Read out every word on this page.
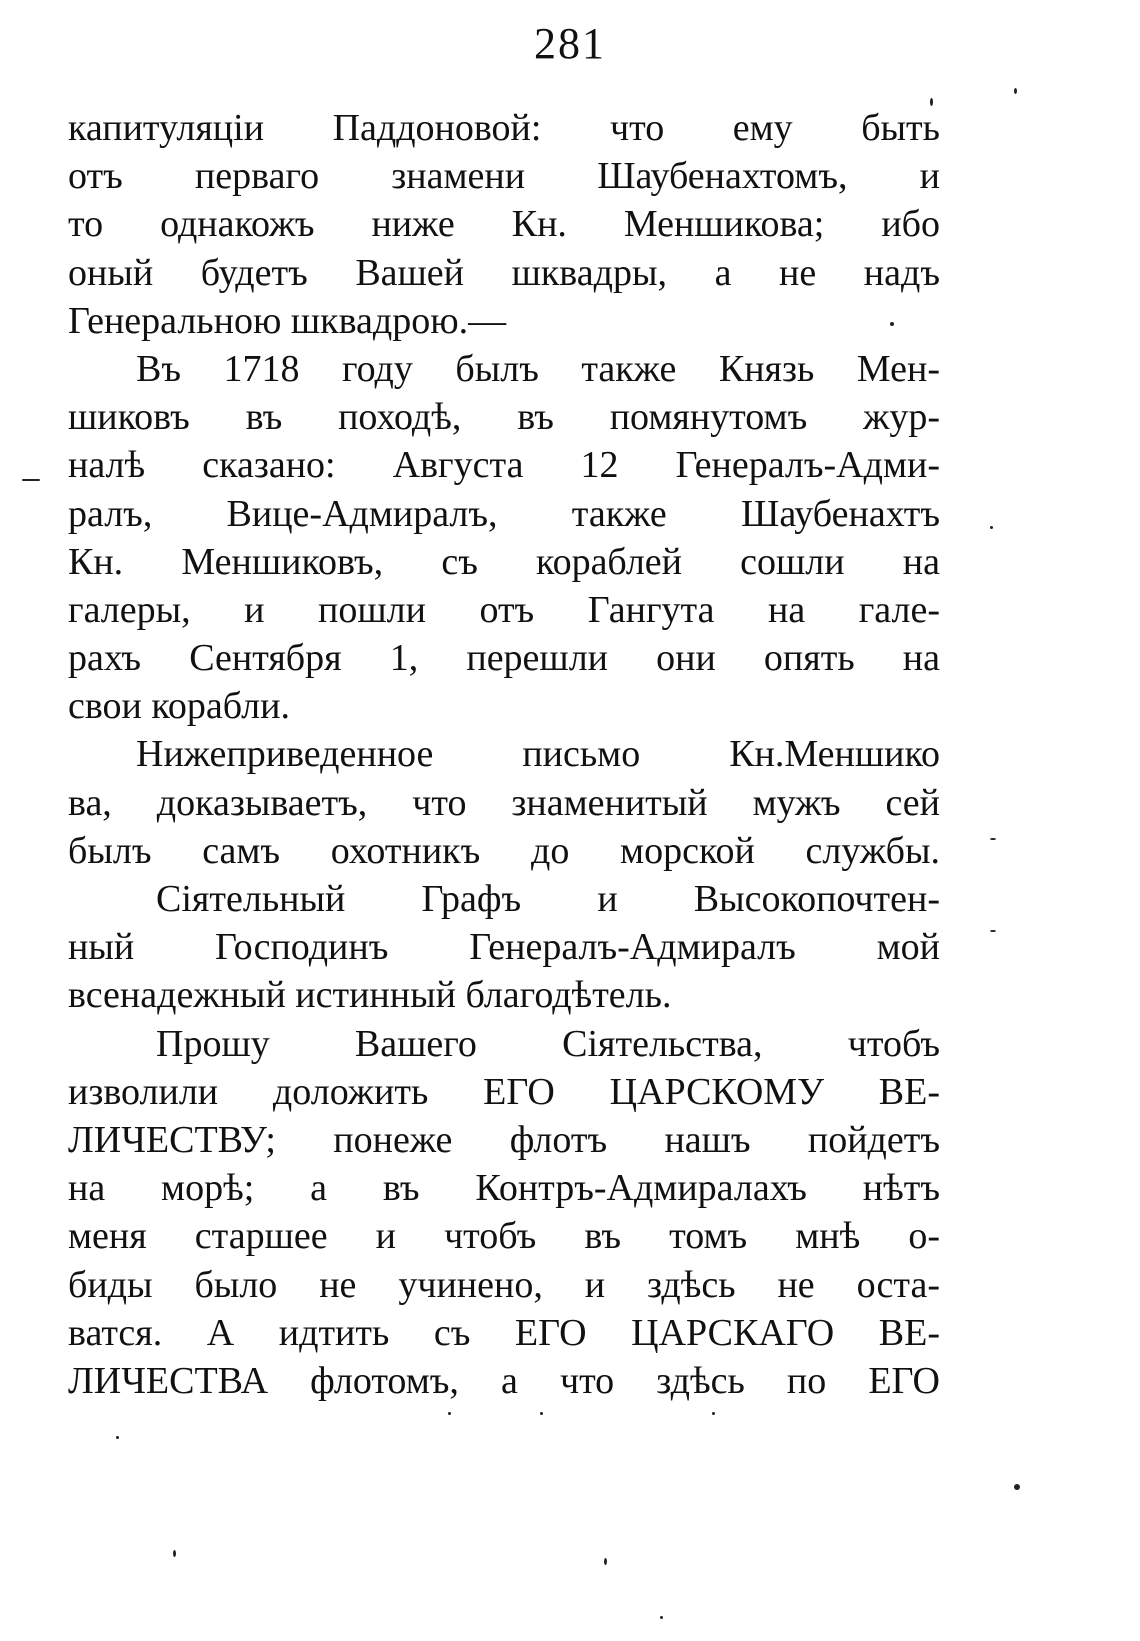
281
капитуляціи Паддоновой: что ему быть
отъ перваго знамени Шаубенахтомъ, и
то однакожъ ниже Кн. Меншикова; ибо
оный будетъ Вашей шквадры, а не надъ
Генеральною шквадрою.—
Въ 1718 году былъ также Князь Мен-
шиковъ въ походѣ, въ помянутомъ жур-
налѣ сказано: Августа 12 Генералъ-Адми-
ралъ, Вице-Адмиралъ, также Шаубенахтъ
Кн. Меншиковъ, съ кораблей сошли на
галеры, и пошли отъ Гангута на гале-
рахъ Сентября 1, перешли они опять на
свои корабли.
Нижеприведенное письмо Кн.Меншико
ва, доказываетъ, что знаменитый мужъ сей
былъ самъ охотникъ до морской службы.
Сіятельный Графъ и Высокопочтен-
ный Господинъ Генералъ-Адмиралъ мой
всенадежный истинный благодѣтель.
Прошу Вашего Сіятельства, чтобъ
изволили доложить ЕГО ЦАРСКОМУ ВЕ-
ЛИЧЕСТВУ; понеже флотъ нашъ пойдетъ
на морѣ; а въ Контръ-Адмиралахъ нѣтъ
меня старшее и чтобъ въ томъ мнѣ о-
биды было не учинено, и здѣсь не оста-
ватся. А идтить съ ЕГО ЦАРСКАГО ВЕ-
ЛИЧЕСТВА флотомъ, а что здѣсь по ЕГО
